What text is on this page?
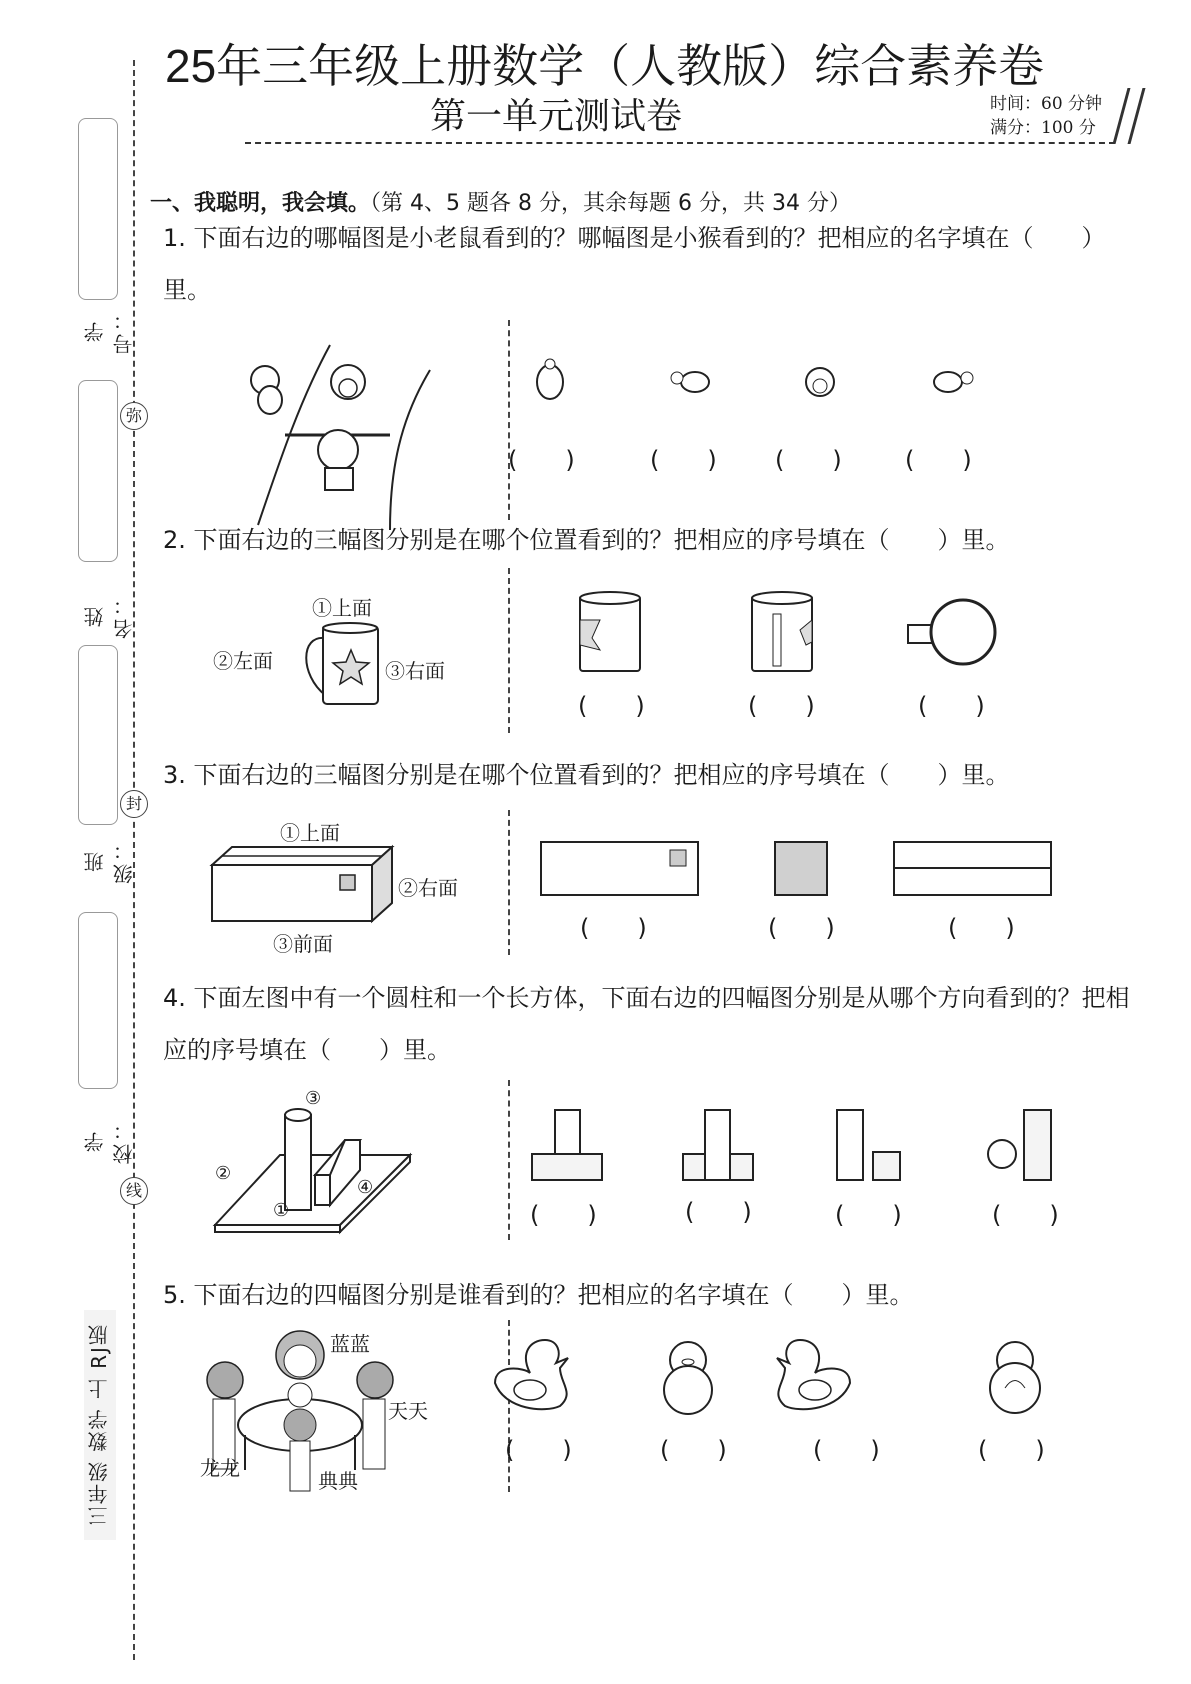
学号：
姓名：
班级：
学校：
弥
封
线
三年级 数学 上 RJ版
25年三年级上册数学（人教版）综合素养卷
第一单元测试卷	时间：60 分钟
满分：100 分
一、我聪明，我会填。（第 4、5 题各 8 分，其余每题 6 分，共 34 分）
1. 下面右边的哪幅图是小老鼠看到的？哪幅图是小猴看到的？把相应的名字填在（　　）里。
(　　)	(　　) (　　)	(　　)
2. 下面右边的三幅图分别是在哪个位置看到的？把相应的序号填在（　　）里。
①上面
②左面	③右面
(　　)	(　　)	(　　)
3. 下面右边的三幅图分别是在哪个位置看到的？把相应的序号填在（　　）里。
①上面
②右面
③前面
(　　)	(　　)	(　　)
4. 下面左图中有一个圆柱和一个长方体，下面右边的四幅图分别是从哪个方向看到的？把相应的序号填在（　　）里。
③
②
④
①	(　　)	(　　)	(　　)	(　　)
5. 下面右边的四幅图分别是谁看到的？把相应的名字填在（　　）里。
蓝蓝
天天
龙龙
典典
(　　)	(　　)	(　　)	(　　)
